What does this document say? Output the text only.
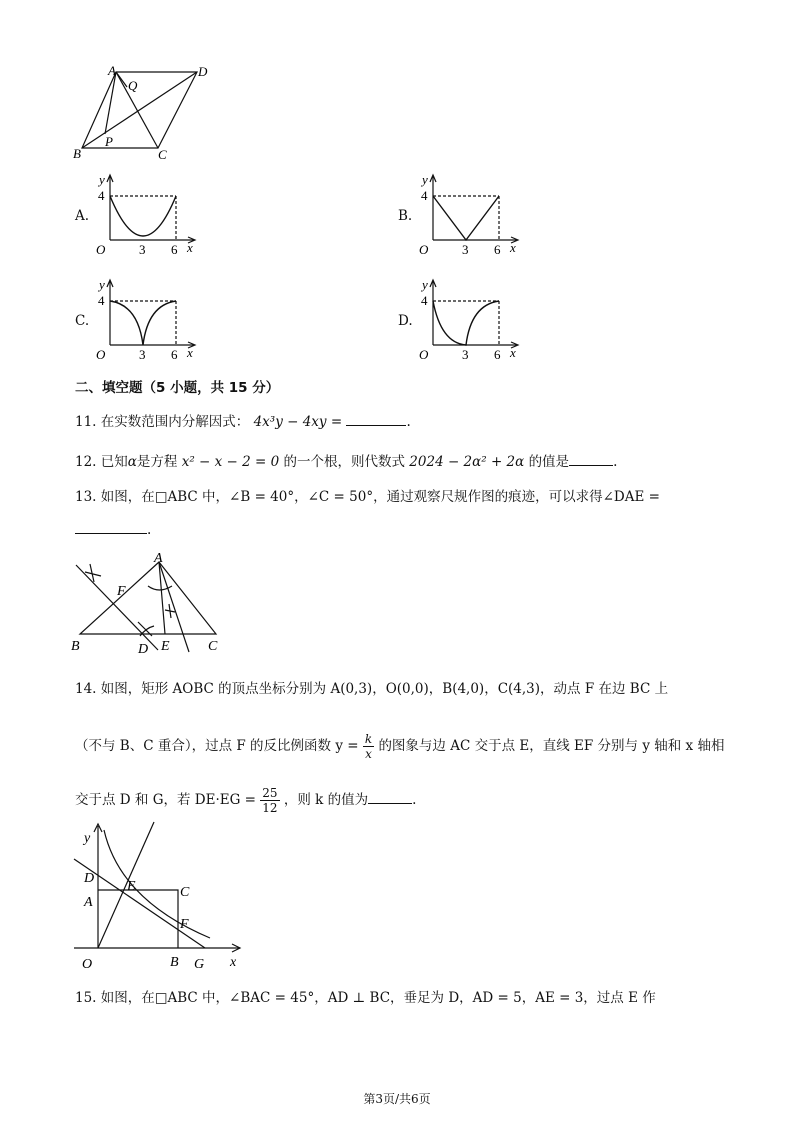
A
Q
D
B
P
C
A.
y
4
O	3 6 x
B.
y
4
O	3 6 x
C.
y
4
O	3 6 x
D.
y
4
O	3 6 x
二、填空题（5 小题，共 15 分）
11. 在实数范围内分解因式： 4x³y − 4xy =	.
12. 已知α是方程 x² − x − 2 = 0 的一个根，则代数式 2024 − 2α² + 2α 的值是	.
13. 如图，在□ABC 中，∠B = 40°，∠C = 50°，通过观察尺规作图的痕迹，可以求得∠DAE =
.
A
F
B	D E	C
14. 如图，矩形 AOBC 的顶点坐标分别为 A(0,3)，O(0,0)，B(4,0)，C(4,3)，动点 F 在边 BC 上
（不与 B、C 重合），过点 F 的反比例函数 $y = \frac{k}{x}$ 的图象与边 AC 交于点 E，直线 EF 分别与 y 轴和 x 轴相
交于点 D 和 G，若 $DE\cdot EG = \frac{25}{12}$ ，则 k 的值为	.
y
D
E	C
A
F
O	B G x
15. 如图，在□ABC 中，∠BAC = 45°，AD ⊥ BC，垂足为 D，AD = 5，AE = 3，过点 E 作
第3页/共6页
